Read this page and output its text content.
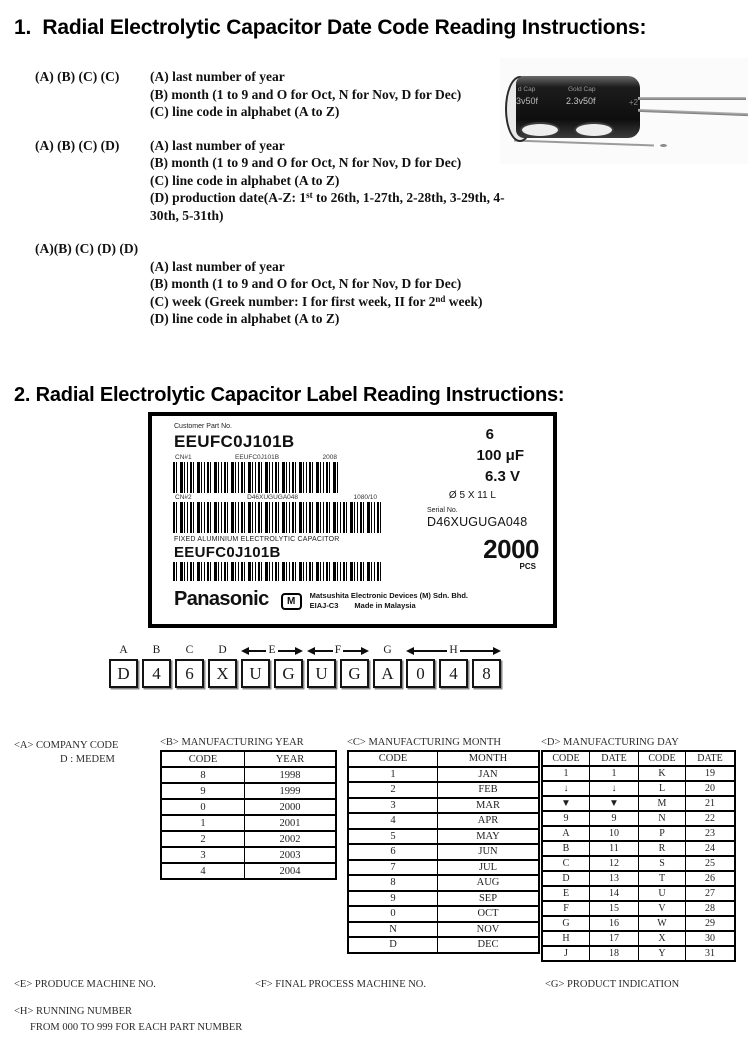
1.  Radial Electrolytic Capacitor Date Code Reading Instructions:
(A) (B) (C) (C)	(A) last number of year
(B) month (1 to 9 and O for Oct, N for Nov, D for Dec)
(C) line code in alphabet (A to Z)
(A) (B) (C) (D)	(A) last number of year
(B) month (1 to 9 and O for Oct, N for Nov, D for Dec)
(C) line code in alphabet (A to Z)
(D) production date(A-Z: 1st to 26th, 1-27th, 2-28th, 3-29th, 4-30th, 5-31th)
(A)(B) (C) (D) (D)
(A) last number of year
(B) month (1 to 9 and O for Oct, N for Nov, D for Dec)
(C) week (Greek number: I for first week, II for 2nd week)
(D) line code in alphabet (A to Z)
d Cap
3v50f
Gold Cap
2.3v50f	+2
2. Radial Electrolytic Capacitor Label Reading Instructions:
Customer Part No.
EEUFC0J101B
CN#1	EEUFC0J101B	2008
CN#2	D46XUGUGA048	1080/10
FIXED ALUMINIUM ELECTROLYTIC CAPACITOR
EEUFC0J101B
Panasonic	M
Matsushita Electronic Devices (M) Sdn. Bhd.
EIAJ-C3 Made in Malaysia
6
100 μF
6.3 V
Ø 5 X 11 L
Serial No.
D46XUGUGA048
2000
PCS
A	B	C	D	E	F	G	H
D	4	6	X	U	G	U	G	A	0	4	8
<A> COMPANY CODE
D : MEDEM
<B> MANUFACTURING YEAR
CODE	YEAR
8	1998
9	1999
0	2000
1	2001
2	2002
3	2003
4	2004
<C> MANUFACTURING MONTH
CODE	MONTH
1	JAN
2	FEB
3	MAR
4	APR
5	MAY
6	JUN
7	JUL
8	AUG
9	SEP
0	OCT
N	NOV
D	DEC
<D> MANUFACTURING DAY
CODE	DATE	CODE	DATE
1	1	K	19
↓	↓	L	20
▼	▼	M	21
9	9	N	22
A	10	P	23
B	11	R	24
C	12	S	25
D	13	T	26
E	14	U	27
F	15	V	28
G	16	W	29
H	17	X	30
J	18	Y	31
<E> PRODUCE MACHINE NO.	<F> FINAL PROCESS MACHINE NO.	<G> PRODUCT INDICATION
<H> RUNNING NUMBER
FROM 000 TO 999 FOR EACH PART NUMBER
